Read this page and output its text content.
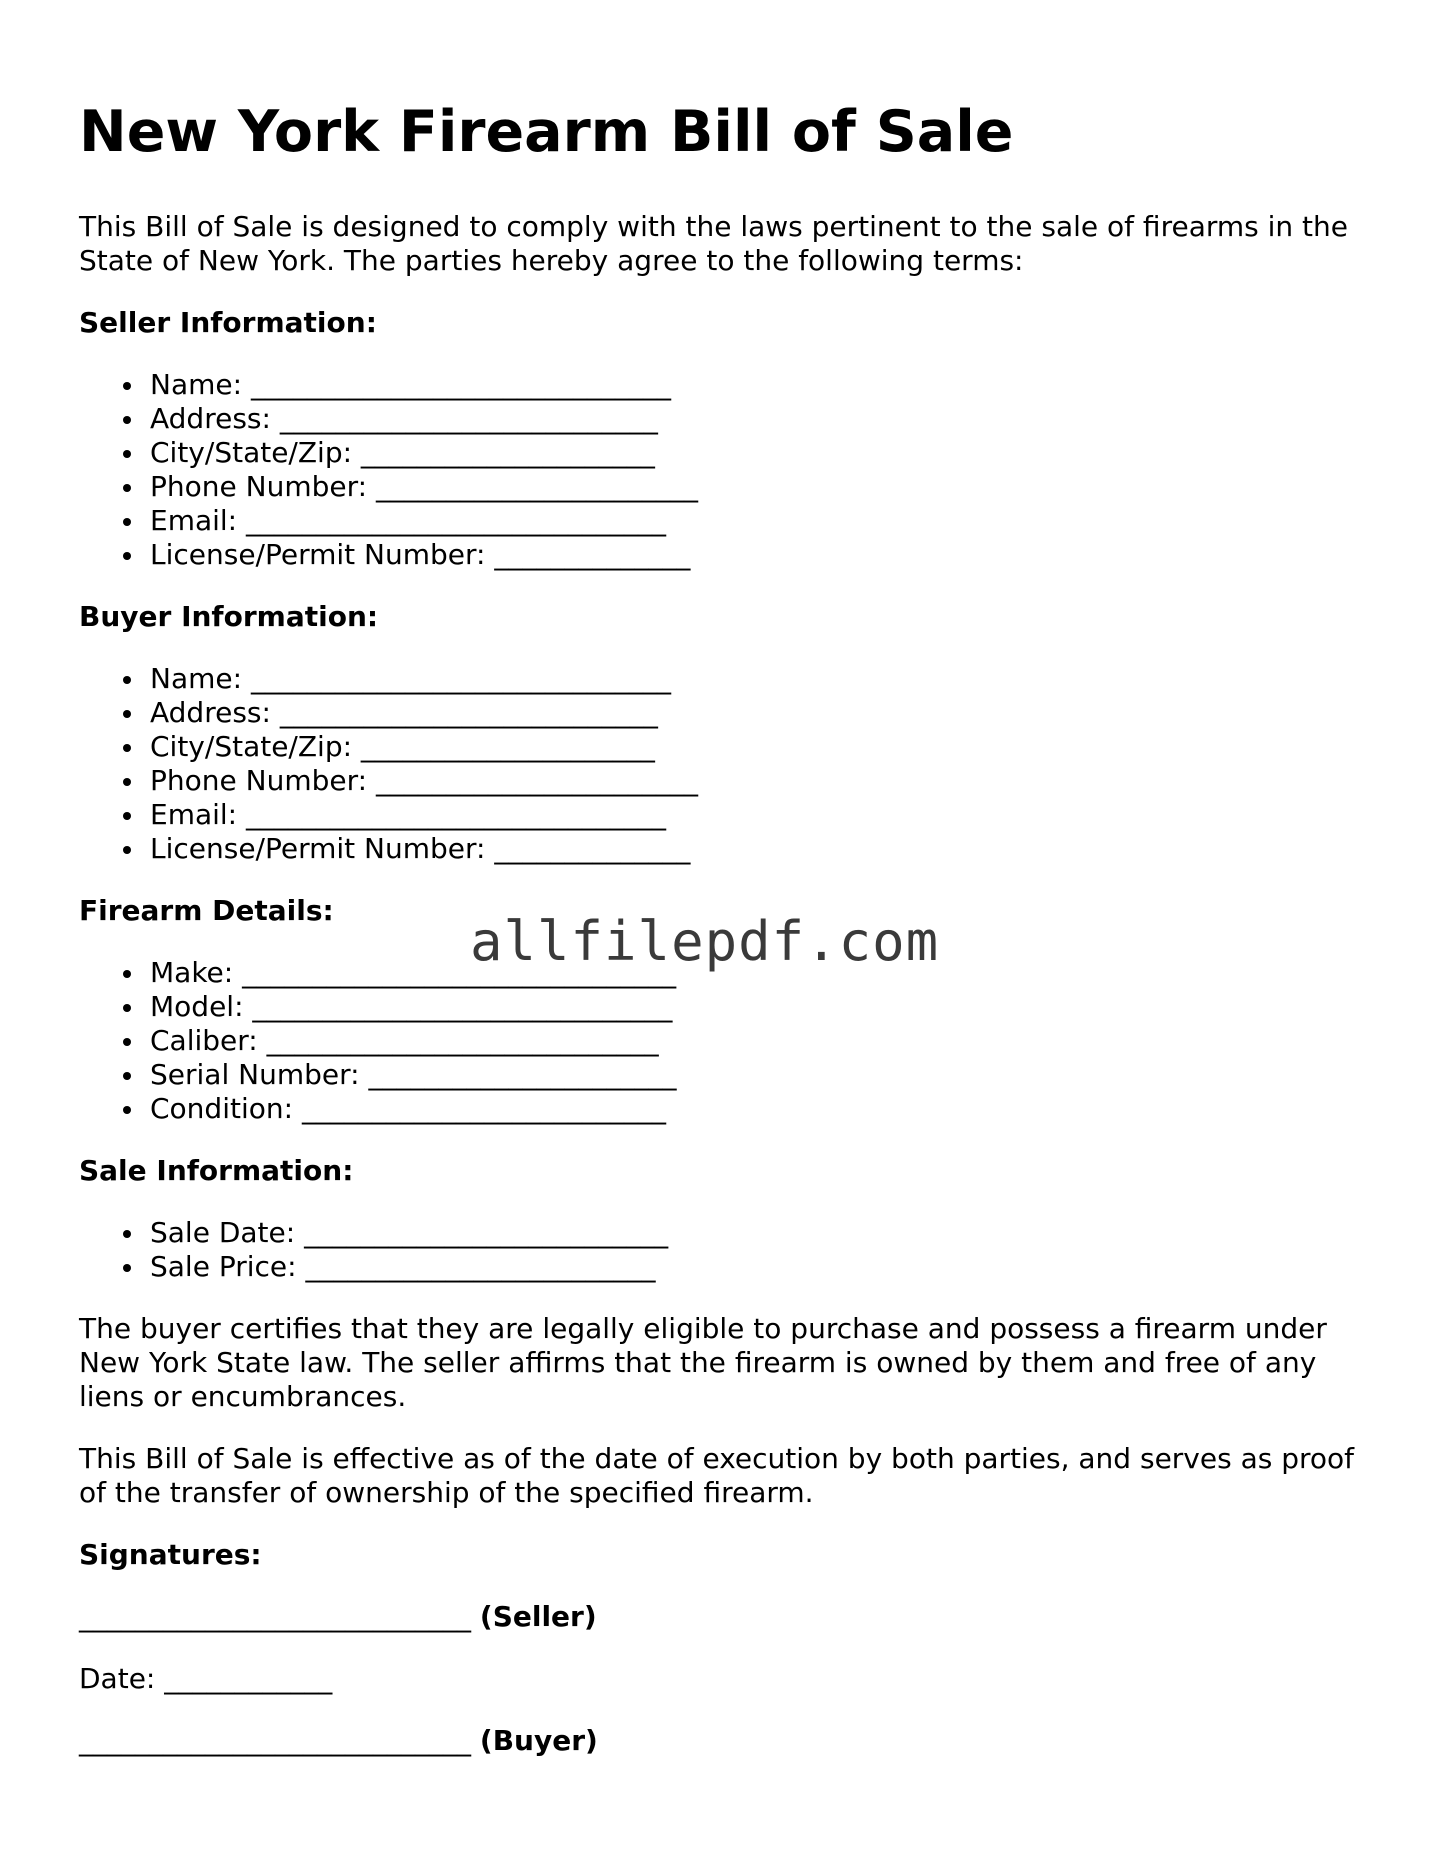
New York Firearm Bill of Sale

This Bill of Sale is designed to comply with the laws pertinent to the sale of firearms in the State of New York. The parties hereby agree to the following terms:

Seller Information:
Name: ______________________________
Address: ___________________________
City/State/Zip: _____________________
Phone Number: _______________________
Email: ______________________________
License/Permit Number: ______________
Buyer Information:
Name: ______________________________
Address: ___________________________
City/State/Zip: _____________________
Phone Number: _______________________
Email: ______________________________
License/Permit Number: ______________
Firearm Details:
Make: _______________________________
Model: ______________________________
Caliber: ____________________________
Serial Number: ______________________
Condition: __________________________
Sale Information:
Sale Date: __________________________
Sale Price: _________________________

The buyer certifies that they are legally eligible to purchase and possess a firearm under New York State law. The seller affirms that the firearm is owned by them and free of any liens or encumbrances.

This Bill of Sale is effective as of the date of execution by both parties, and serves as proof of the transfer of ownership of the specified firearm.

Signatures:
____________________________ (Seller)
Date: ____________
____________________________ (Buyer)
allfilepdf.com
